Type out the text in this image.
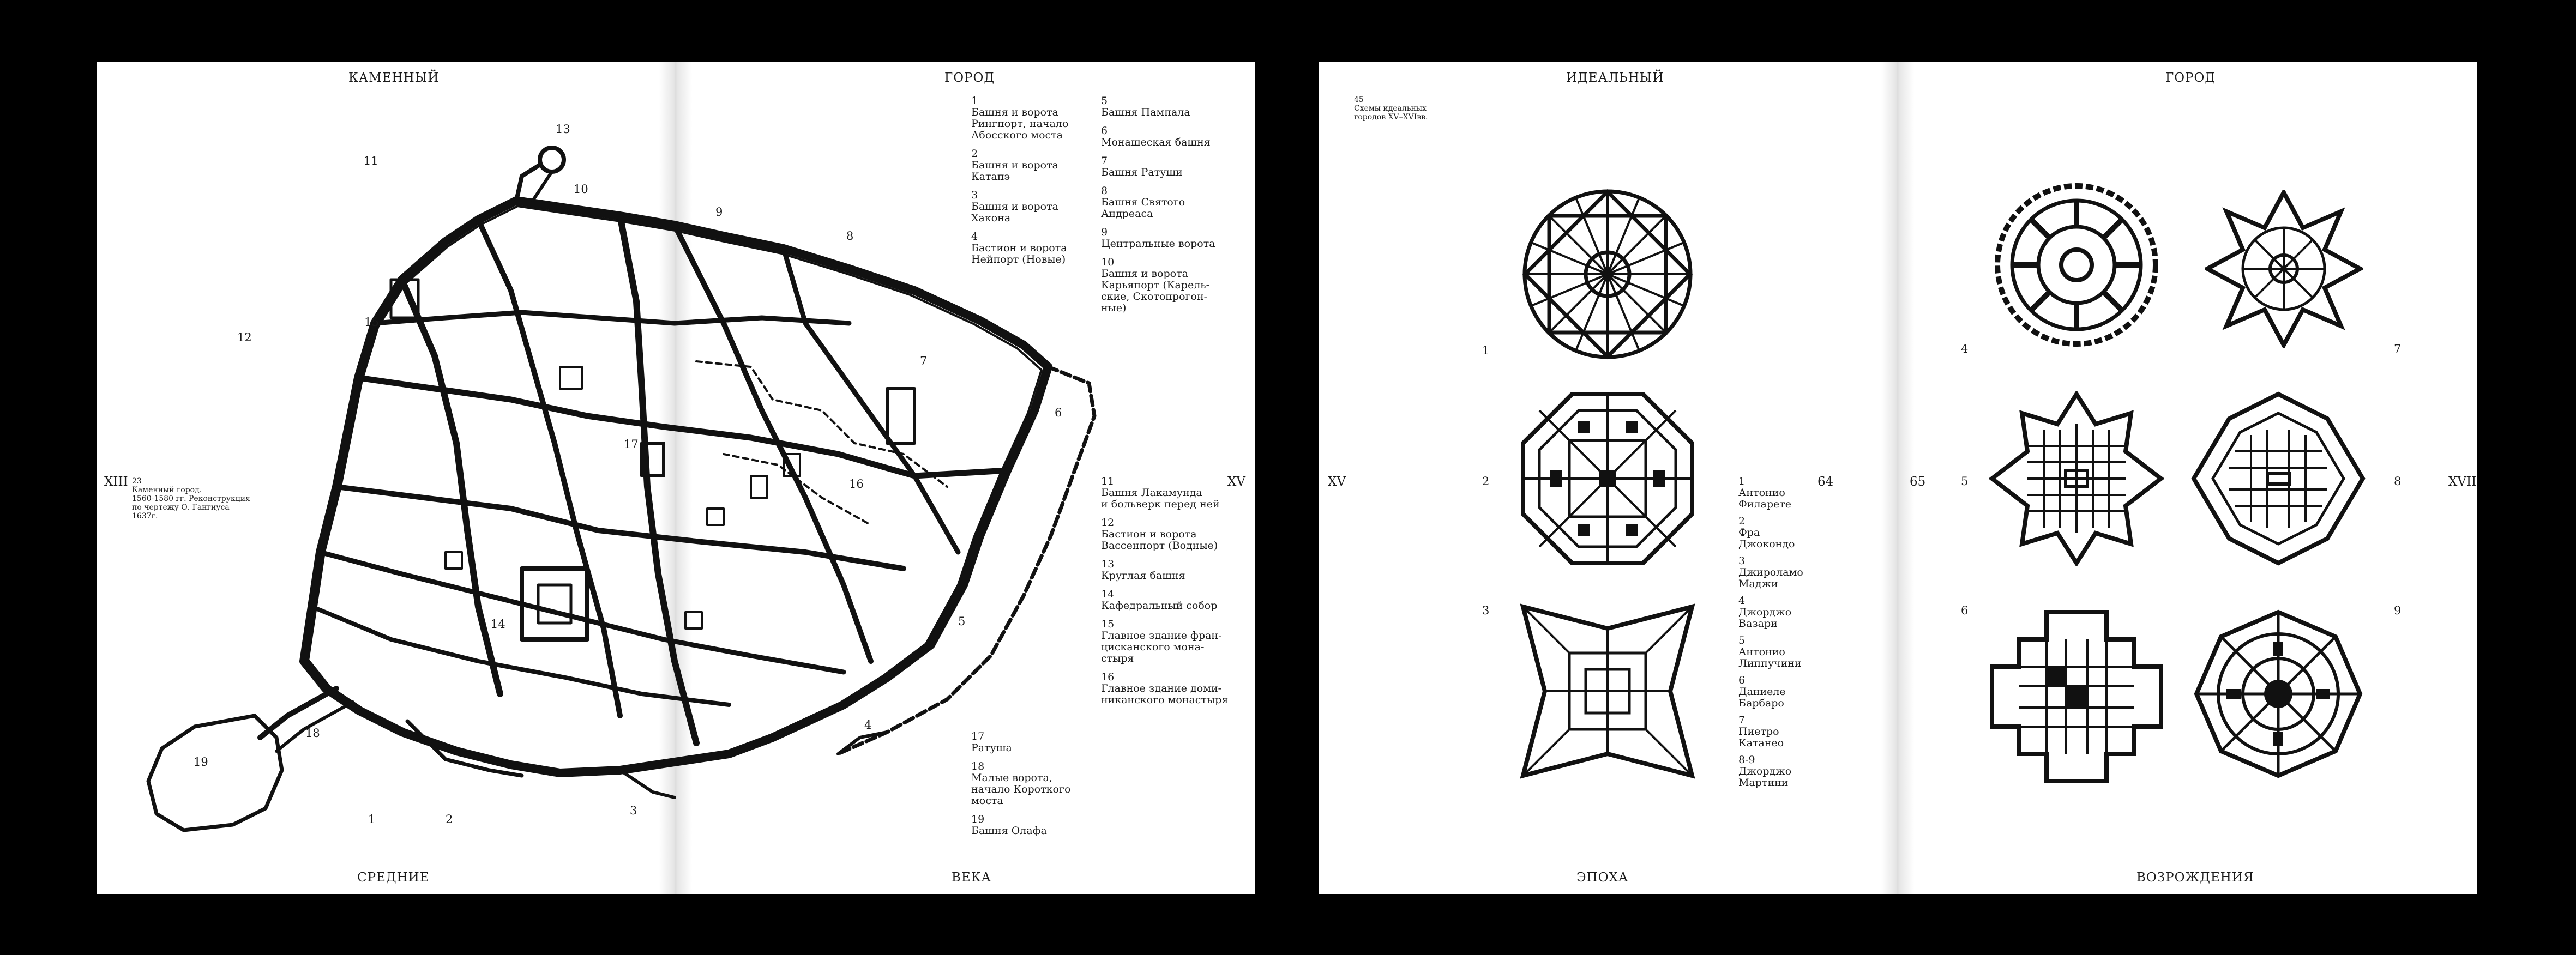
КАМЕННЫЙ	ГОРОД
СРЕДНИЕ	ВЕКА
XIII	XV
23
Каменный город.
1560-1580 гг. Реконструкция
по чертежу О. Гангиуса
1637г.
1	2
3
4
5
6
7
8
9
10
11
12
13
14
15
16
17
18
19
1
Башня и ворота
Рингпорт, начало
Абосского моста
2
Башня и ворота
Катапэ
3
Башня и ворота
Хакона
4
Бастион и ворота
Нейпорт (Новые)
5
Башня Пампала
6
Монашеская башня
7
Башня Ратуши
8
Башня Святого
Андреаса
9
Центральные ворота
10
Башня и ворота
Карьяпорт (Карель-
ские, Скотопрогон-
ные)
11
Башня Лакамунда
и больверк перед ней
12
Бастион и ворота
Вассенпорт (Водные)
13
Круглая башня
14
Кафедральный собор
15
Главное здание фран-
цисканского мона-
стыря
16
Главное здание доми-
никанского монастыря
17
Ратуша
18
Малые ворота,
начало Короткого
моста
19
Башня Олафа
ИДЕАЛЬНЫЙ	ГОРОД
ЭПОХА	ВОЗРОЖДЕНИЯ
XV	64	65	XVII
45
Схемы идеальных
городов XV–XVIвв.
1
2
3
4
5
6
7
8
9
1
Антонио
Филарете
2
Фра
Джокондо
3
Джироламо
Маджи
4
Джорджо
Вазари
5
Антонио
Липпучини
6
Даниеле
Барбаро
7
Пиетро
Катанео
8-9
Джорджо
Мартини
